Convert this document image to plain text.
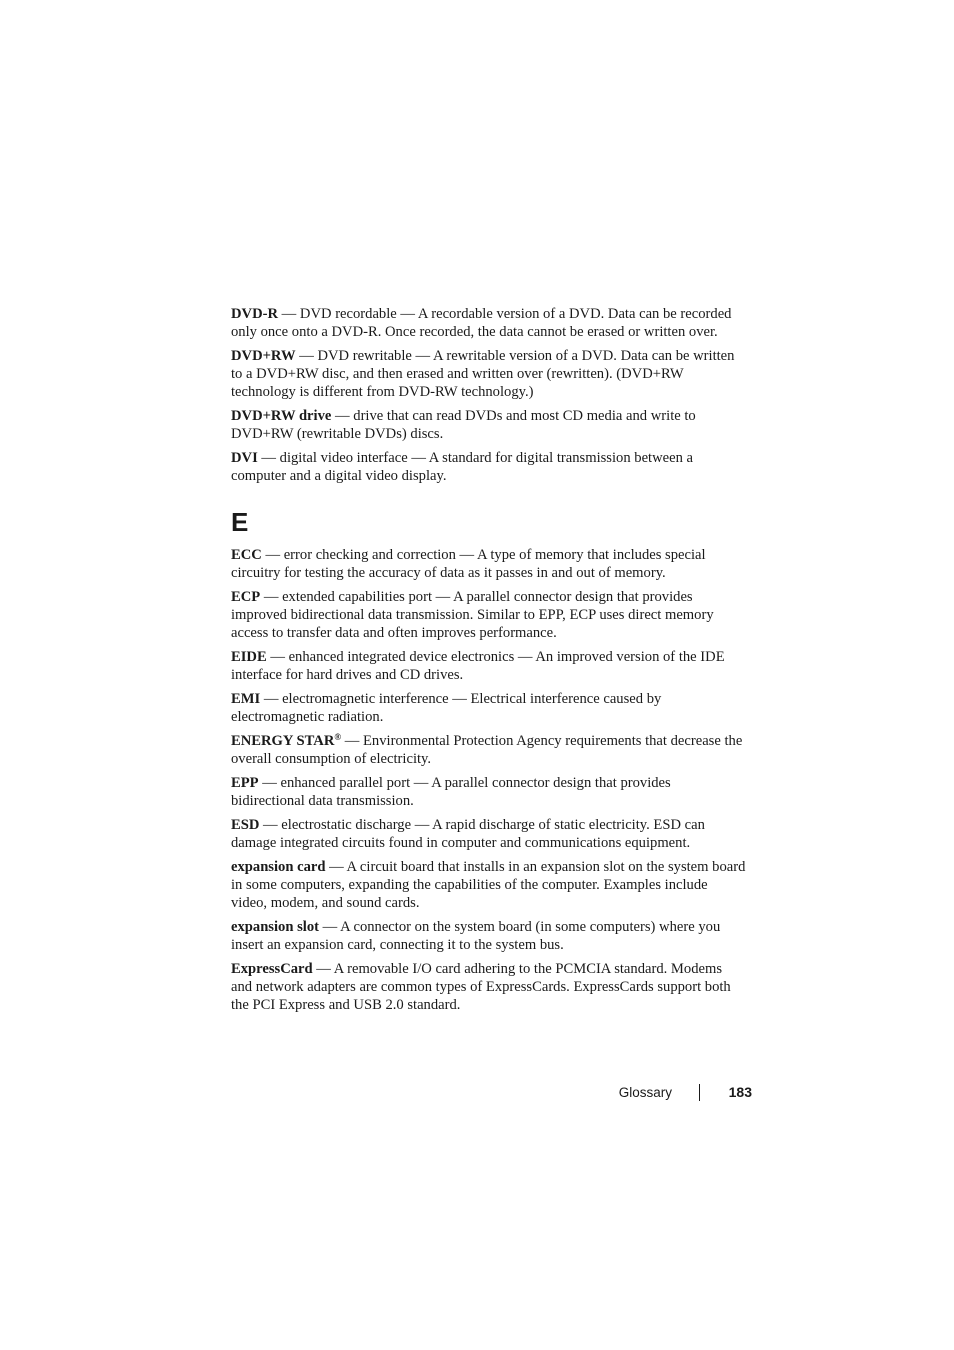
DVD-R — DVD recordable — A recordable version of a DVD. Data can be recorded only once onto a DVD-R. Once recorded, the data cannot be erased or written over.

DVD+RW — DVD rewritable — A rewritable version of a DVD. Data can be written to a DVD+RW disc, and then erased and written over (rewritten). (DVD+RW technology is different from DVD-RW technology.)

DVD+RW drive — drive that can read DVDs and most CD media and write to DVD+RW (rewritable DVDs) discs.

DVI — digital video interface — A standard for digital transmission between a computer and a digital video display.

E

ECC — error checking and correction — A type of memory that includes special circuitry for testing the accuracy of data as it passes in and out of memory.

ECP — extended capabilities port — A parallel connector design that provides improved bidirectional data transmission. Similar to EPP, ECP uses direct memory access to transfer data and often improves performance.

EIDE — enhanced integrated device electronics — An improved version of the IDE interface for hard drives and CD drives.

EMI — electromagnetic interference — Electrical interference caused by electromagnetic radiation.

ENERGY STAR® — Environmental Protection Agency requirements that decrease the overall consumption of electricity.

EPP — enhanced parallel port — A parallel connector design that provides bidirectional data transmission.

ESD — electrostatic discharge — A rapid discharge of static electricity. ESD can damage integrated circuits found in computer and communications equipment.

expansion card — A circuit board that installs in an expansion slot on the system board in some computers, expanding the capabilities of the computer. Examples include video, modem, and sound cards.

expansion slot — A connector on the system board (in some computers) where you insert an expansion card, connecting it to the system bus.

ExpressCard — A removable I/O card adhering to the PCMCIA standard. Modems and network adapters are common types of ExpressCards. ExpressCards support both the PCI Express and USB 2.0 standard.

Glossary	183
